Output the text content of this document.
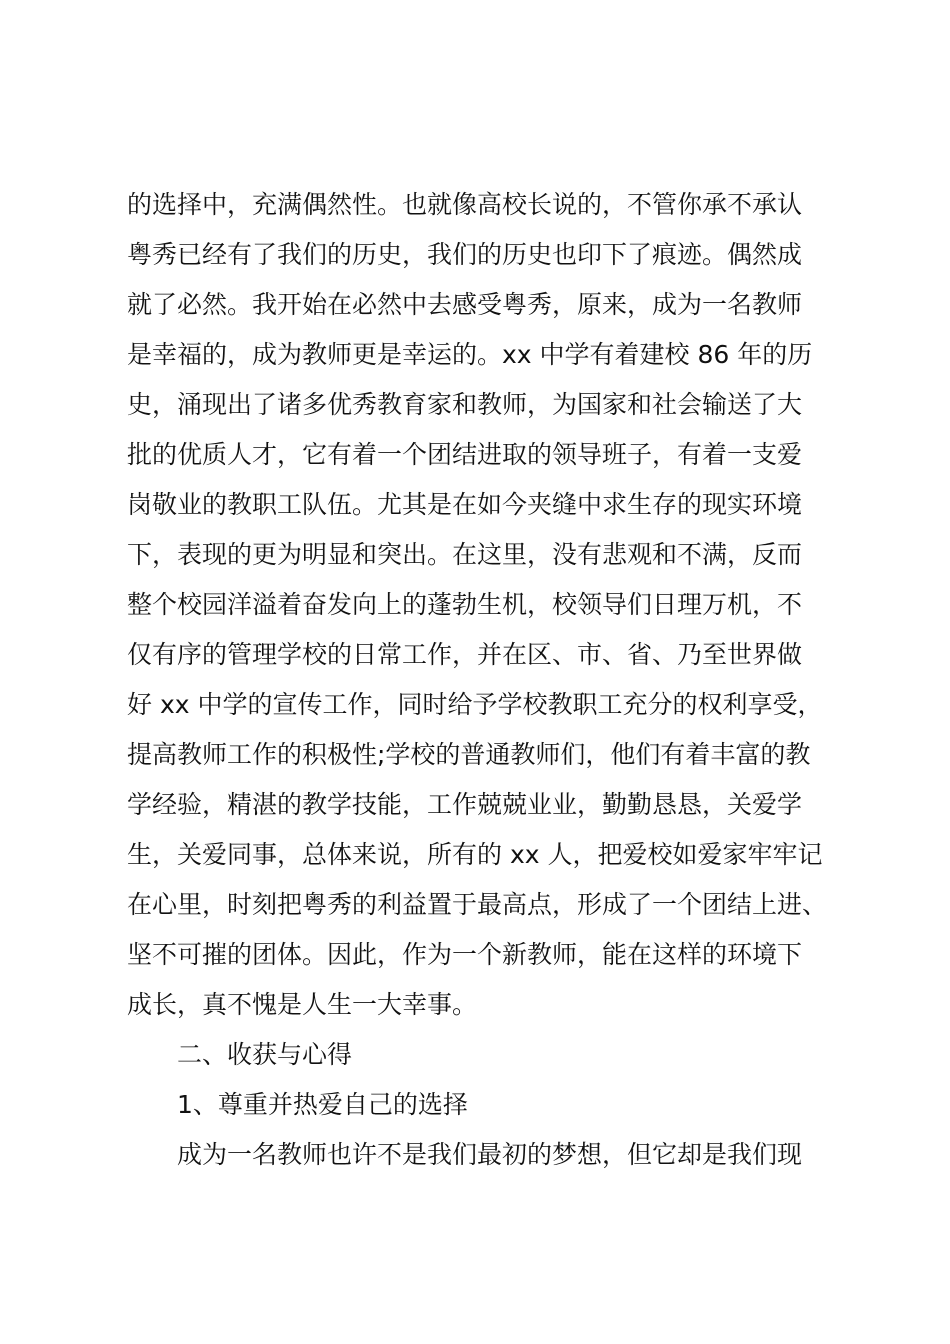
的选择中，充满偶然性。也就像高校长说的，不管你承不承认
粤秀已经有了我们的历史，我们的历史也印下了痕迹。偶然成
就了必然。我开始在必然中去感受粤秀，原来，成为一名教师
是幸福的，成为教师更是幸运的。xx 中学有着建校 86 年的历
史，涌现出了诸多优秀教育家和教师，为国家和社会输送了大
批的优质人才，它有着一个团结进取的领导班子，有着一支爱
岗敬业的教职工队伍。尤其是在如今夹缝中求生存的现实环境
下，表现的更为明显和突出。在这里，没有悲观和不满，反而
整个校园洋溢着奋发向上的蓬勃生机，校领导们日理万机，不
仅有序的管理学校的日常工作，并在区、市、省、乃至世界做
好 xx 中学的宣传工作，同时给予学校教职工充分的权利享受，
提高教师工作的积极性;学校的普通教师们，他们有着丰富的教
学经验，精湛的教学技能，工作兢兢业业，勤勤恳恳，关爱学
生，关爱同事，总体来说，所有的 xx 人，把爱校如爱家牢牢记
在心里，时刻把粤秀的利益置于最高点，形成了一个团结上进、
坚不可摧的团体。因此，作为一个新教师，能在这样的环境下
成长，真不愧是人生一大幸事。
二、收获与心得
1、尊重并热爱自己的选择
成为一名教师也许不是我们最初的梦想，但它却是我们现
